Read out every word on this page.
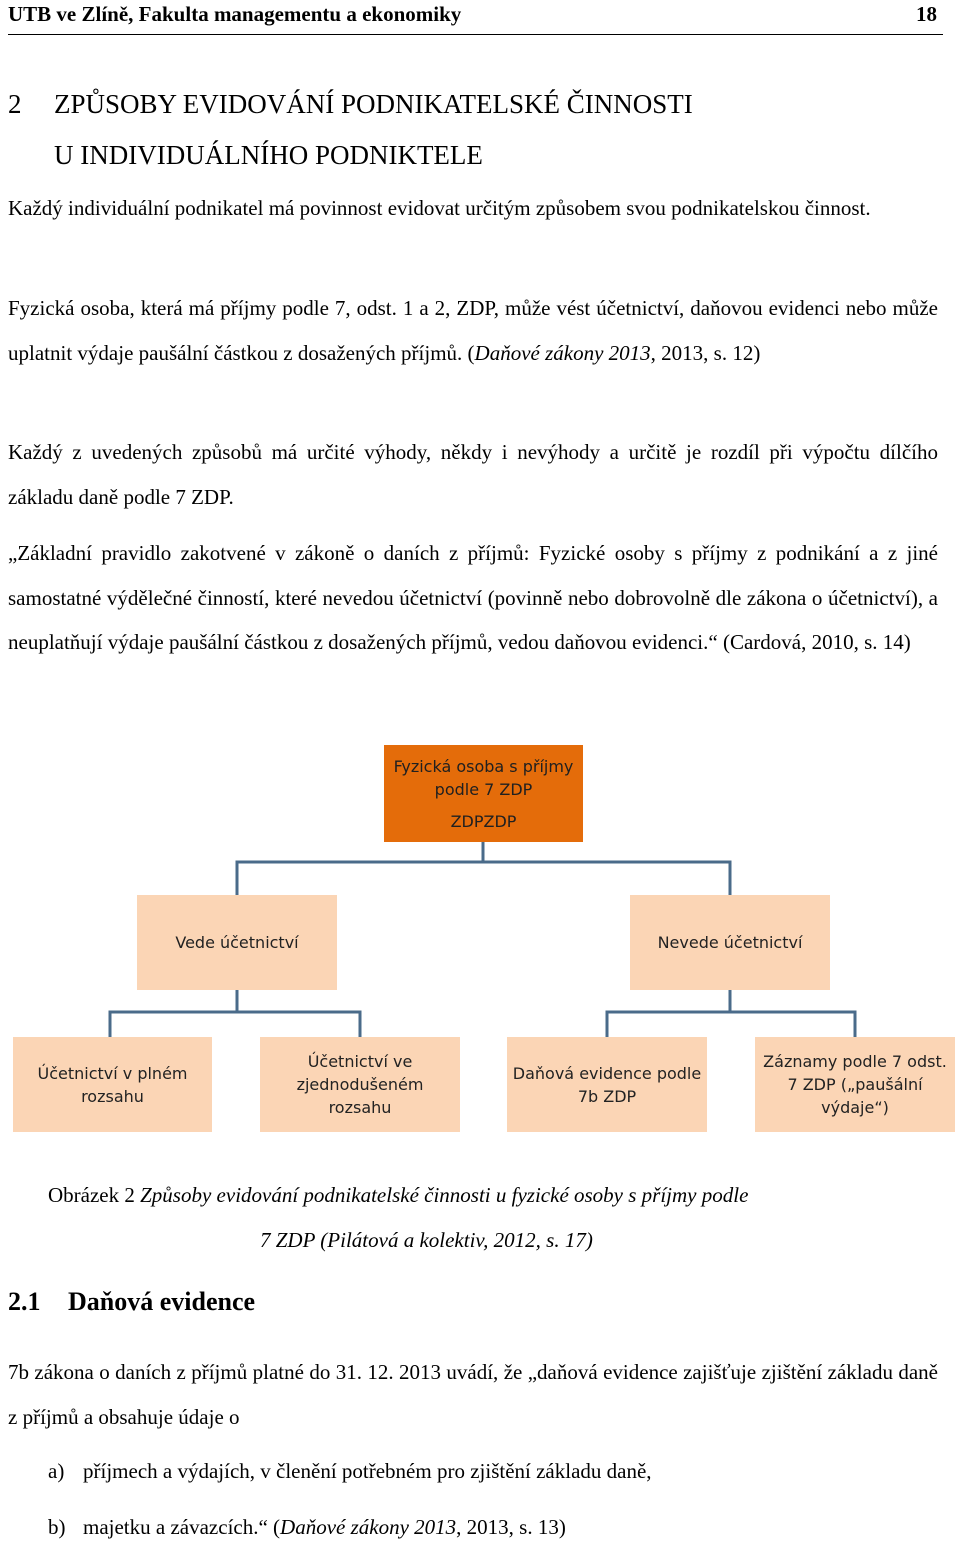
UTB ve Zlíně, Fakulta managementu a ekonomiky	18
2 ZPŮSOBY EVIDOVÁNÍ PODNIKATELSKÉ ČINNOSTI
U INDIVIDUÁLNÍHO PODNIKTELE
Každý individuální podnikatel má povinnost evidovat určitým způsobem svou podnikatelskou činnost.
Fyzická osoba, která má příjmy podle 7, odst. 1 a 2, ZDP, může vést účetnictví, daňovou evidenci nebo může uplatnit výdaje paušální částkou z dosažených příjmů. (Daňové zákony 2013, 2013, s. 12)
Každý z uvedených způsobů má určité výhody, někdy i nevýhody a určitě je rozdíl při výpočtu dílčího základu daně podle 7 ZDP.
„Základní pravidlo zakotvené v zákoně o daních z příjmů: Fyzické osoby s příjmy z podnikání a z jiné samostatné výdělečné činností, které nevedou účetnictví (povinně nebo dobrovolně dle zákona o účetnictví), a neuplatňují výdaje paušální částkou z dosažených příjmů, vedou daňovou evidenci.“ (Cardová, 2010, s. 14)
Fyzická osoba s příjmy
podle 7 ZDP
ZDPZDP
Vede účetnictví	Nevede účetnictví
Účetnictví v plném rozsahu
Účetnictví ve zjednodušeném rozsahu
Daňová evidence podle 7b ZDP
Záznamy podle 7 odst. 7 ZDP („paušální výdaje“)
Obrázek 2 Způsoby evidování podnikatelské činnosti u fyzické osoby s příjmy podle
7 ZDP (Pilátová a kolektiv, 2012, s. 17)
2.1 Daňová evidence
7b zákona o daních z příjmů platné do 31. 12. 2013 uvádí, že „daňová evidence zajišťuje zjištění základu daně z příjmů a obsahuje údaje o
a) příjmech a výdajích, v členění potřebném pro zjištění základu daně,
b) majetku a závazcích.“ (Daňové zákony 2013, 2013, s. 13)
